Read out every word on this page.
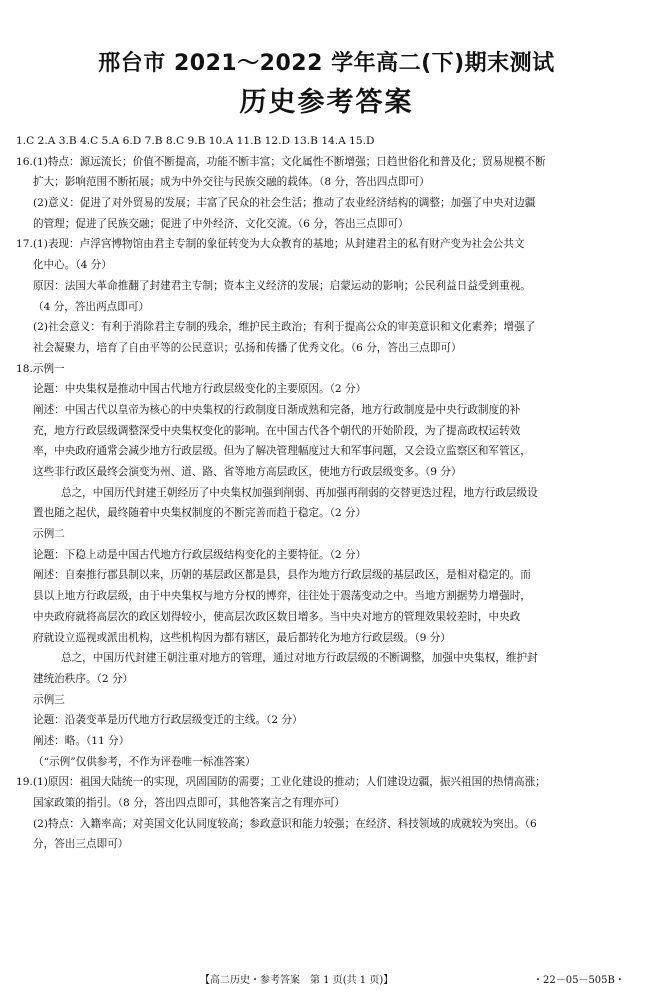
邢台市 2021～2022 学年高二(下)期末测试
历史参考答案
1.C 2.A 3.B 4.C 5.A 6.D 7.B 8.C 9.B 10.A 11.B 12.D 13.B 14.A 15.D
16.(1)特点：源远流长；价值不断提高，功能不断丰富；文化属性不断增强；日趋世俗化和普及化；贸易规模不断
扩大；影响范围不断拓展；成为中外交往与民族交融的载体。（8 分，答出四点即可）
(2)意义：促进了对外贸易的发展；丰富了民众的社会生活；推动了农业经济结构的调整；加强了中央对边疆
的管理；促进了民族交融；促进了中外经济、文化交流。（6 分，答出三点即可）
17.(1)表现：卢浮宫博物馆由君主专制的象征转变为大众教育的基地；从封建君主的私有财产变为社会公共文
化中心。（4 分）
原因：法国大革命推翻了封建君主专制；资本主义经济的发展；启蒙运动的影响；公民利益日益受到重视。
（4 分，答出两点即可）
(2)社会意义：有利于消除君主专制的残余，维护民主政治；有利于提高公众的审美意识和文化素养；增强了
社会凝聚力，培育了自由平等的公民意识；弘扬和传播了优秀文化。（6 分，答出三点即可）
18.示例一
论题：中央集权是推动中国古代地方行政层级变化的主要原因。（2 分）
阐述：中国古代以皇帝为核心的中央集权的行政制度日渐成熟和完备，地方行政制度是中央行政制度的补
充，地方行政层级调整深受中央集权变化的影响。在中国古代各个朝代的开始阶段，为了提高政权运转效
率，中央政府通常会减少地方行政层级。但为了解决管理幅度过大和军事问题，又会设立监察区和军管区，
这些非行政区最终会演变为州、道、路、省等地方高层政区，使地方行政层级变多。（9 分）
总之，中国历代封建王朝经历了中央集权加强到削弱、再加强再削弱的交替更迭过程，地方行政层级设
置也随之起伏，最终随着中央集权制度的不断完善而趋于稳定。（2 分）
示例二
论题：下稳上动是中国古代地方行政层级结构变化的主要特征。（2 分）
阐述：自秦推行郡县制以来，历朝的基层政区都是县，县作为地方行政层级的基层政区，是相对稳定的。而
县以上地方行政层级，由于中央集权与地方分权的博弈，往往处于震荡变动之中。当地方割据势力增强时，
中央政府就将高层次的政区划得较小，使高层次政区数目增多。当中央对地方的管理效果较差时，中央政
府就设立巡视或派出机构，这些机构因为都有辖区，最后都转化为地方行政层级。（9 分）
总之，中国历代封建王朝注重对地方的管理，通过对地方行政层级的不断调整，加强中央集权，维护封
建统治秩序。（2 分）
示例三
论题：沿袭变革是历代地方行政层级变迁的主线。（2 分）
阐述：略。（11 分）
（“示例”仅供参考，不作为评卷唯一标准答案）
19.(1)原因：祖国大陆统一的实现，巩固国防的需要；工业化建设的推动；人们建设边疆，振兴祖国的热情高涨；
国家政策的指引。（8 分，答出四点即可，其他答案言之有理亦可）
(2)特点：入籍率高；对美国文化认同度较高；参政意识和能力较强；在经济、科技领域的成就较为突出。（6
分，答出三点即可）
【高二历史・参考答案　第 1 页(共 1 页)】	・22－05－505B・
